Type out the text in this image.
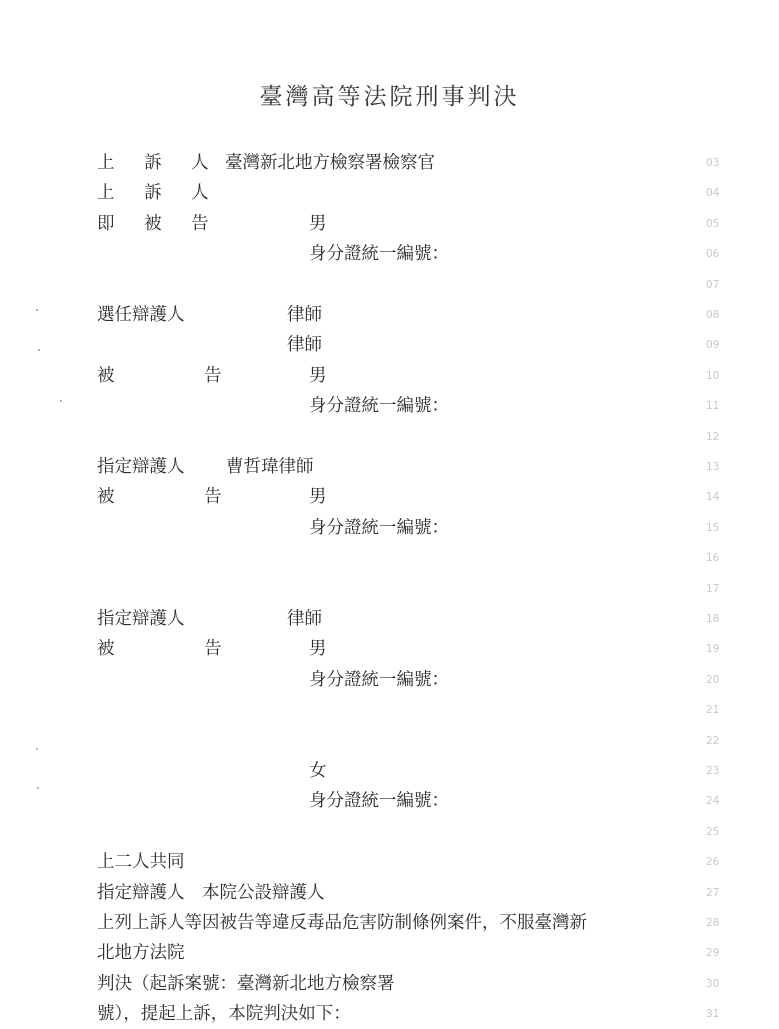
臺灣高等法院刑事判決
上 訴 人 臺灣新北地方檢察署檢察官	03
上 訴 人	04
即 被 告	男	05
身分證統一編號：	06
07
選任辯護人	律師	08
律師	09
被 告	男	10
身分證統一編號：	11
12
指定辯護人 曹哲瑋律師	13
被 告	男	14
身分證統一編號：	15
16
17
指定辯護人	律師	18
被 告	男	19
身分證統一編號：	20
21
22
女	23
身分證統一編號：	24
25
上二人共同	26
指定辯護人　本院公設辯護人	27
上列上訴人等因被告等違反毒品危害防制條例案件，不服臺灣新	28
北地方法院	29
判決（起訴案號：臺灣新北地方檢察署	30
號），提起上訴，本院判決如下：	31
